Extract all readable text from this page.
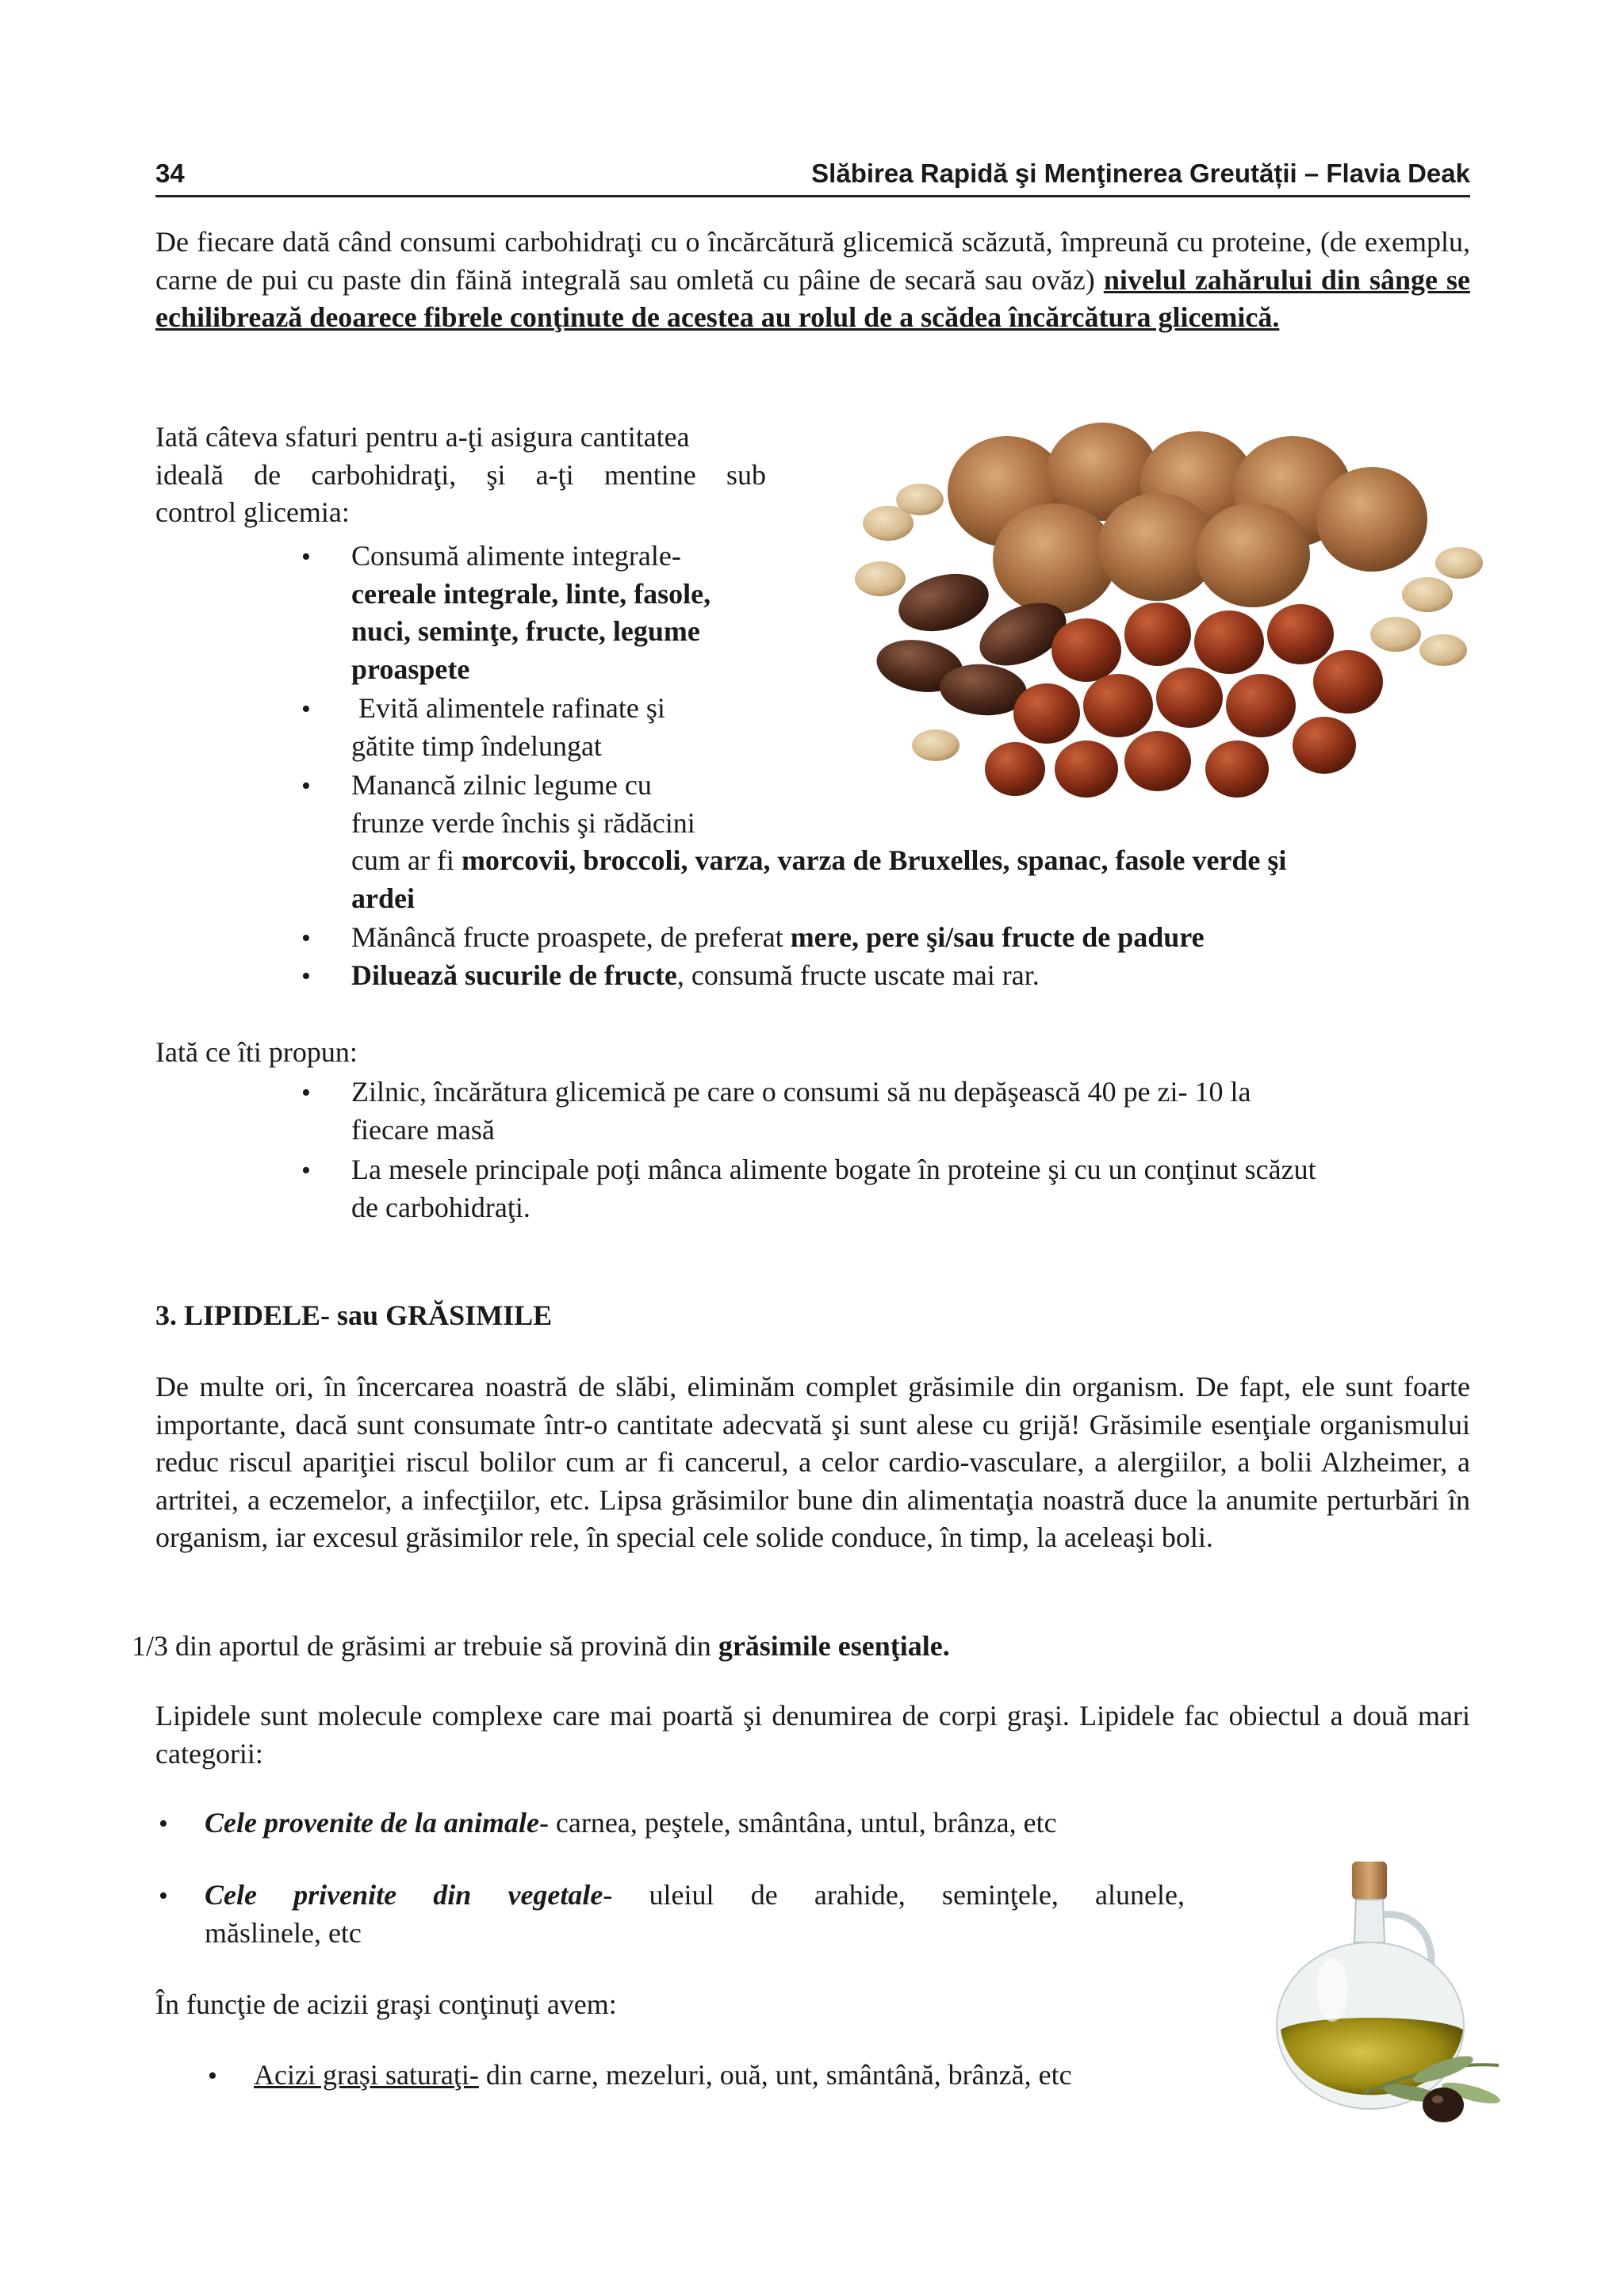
34	Slăbirea Rapidă şi Menţinerea Greutății – Flavia Deak
De fiecare dată când consumi carbohidraţi cu o încărcătură glicemică scăzută, împreună cu proteine, (de exemplu, carne de pui cu paste din făină integrală sau omletă cu pâine de secară sau ovăz) nivelul zahărului din sânge se echilibrează deoarece fibrele conţinute de acestea au rolul de a scădea încărcătura glicemică.
Iată câteva sfaturi pentru a-ţi asigura cantitatea
ideală de carbohidraţi, şi a-ţi mentine sub
control glicemia:
• Consumă alimente integrale-
cereale integrale, linte, fasole,
nuci, seminţe, fructe, legume
proaspete
• Evită alimentele rafinate şi
gătite timp îndelungat
• Manancă zilnic legume cu
frunze verde închis şi rădăcini
cum ar fi morcovii, broccoli, varza, varza de Bruxelles, spanac, fasole verde şi
ardei
• Mănâncă fructe proaspete, de preferat mere, pere şi/sau fructe de padure
• Diluează sucurile de fructe, consumă fructe uscate mai rar.
Iată ce îti propun:
• Zilnic, încărătura glicemică pe care o consumi să nu depăşească 40 pe zi- 10 la
fiecare masă
• La mesele principale poţi mânca alimente bogate în proteine şi cu un conţinut scăzut
de carbohidraţi.
3. LIPIDELE- sau GRĂSIMILE
De multe ori, în încercarea noastră de slăbi, eliminăm complet grăsimile din organism. De fapt, ele sunt foarte importante, dacă sunt consumate într-o cantitate adecvată şi sunt alese cu grijă! Grăsimile esenţiale organismului reduc riscul apariţiei riscul bolilor cum ar fi cancerul, a celor cardio-vasculare, a alergiilor, a bolii Alzheimer, a artritei, a eczemelor, a infecţiilor, etc. Lipsa grăsimilor bune din alimentaţia noastră duce la anumite perturbări în organism, iar excesul grăsimilor rele, în special cele solide conduce, în timp, la aceleaşi boli.
1/3 din aportul de grăsimi ar trebuie să provină din grăsimile esenţiale.
Lipidele sunt molecule complexe care mai poartă şi denumirea de corpi graşi. Lipidele fac obiectul a două mari categorii:
• Cele provenite de la animale- carnea, peştele, smântâna, untul, brânza, etc
• Cele privenite din vegetale- uleiul de arahide, seminţele, alunele,
măslinele, etc
În funcţie de acizii graşi conţinuţi avem:
• Acizi graşi saturaţi- din carne, mezeluri, ouă, unt, smântână, brânză, etc
